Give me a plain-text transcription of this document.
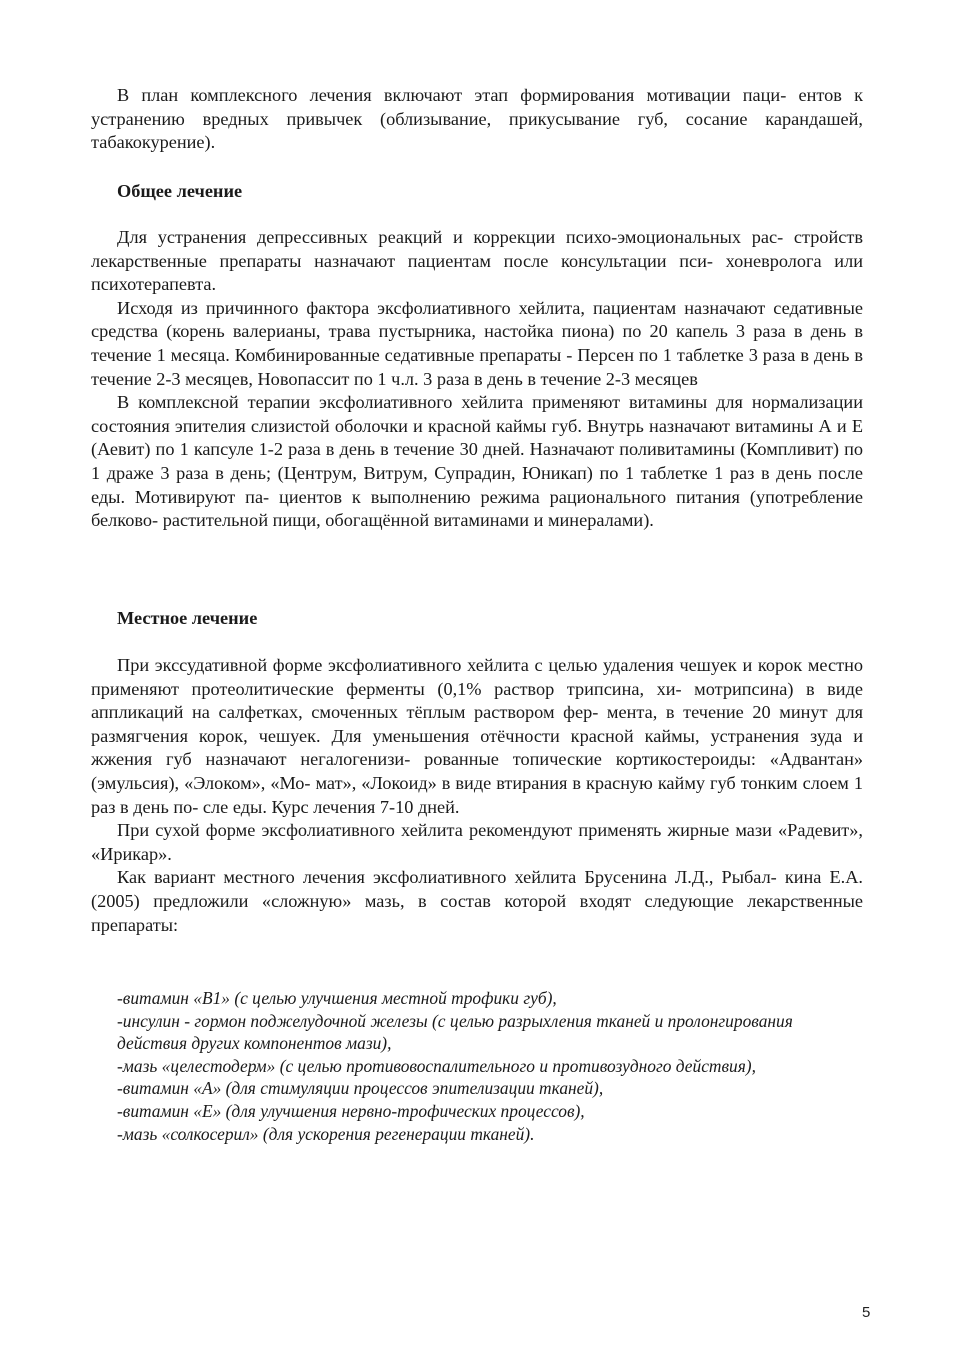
В план комплексного лечения включают этап формирования мотивации паци- ентов к устранению вредных привычек (облизывание, прикусывание губ, сосание карандашей, табакокурение).

Общее лечение

Для устранения депрессивных реакций и коррекции психо-эмоциональных рас- стройств лекарственные препараты назначают пациентам после консультации пси- хоневролога или психотерапевта.

Исходя из причинного фактора эксфолиативного хейлита, пациентам назначают седативные средства (корень валерианы, трава пустырника, настойка пиона) по 20 капель 3 раза в день в течение 1 месяца. Комбинированные седативные препараты - Персен по 1 таблетке 3 раза в день в течение 2-3 месяцев, Новопассит по 1 ч.л. 3 раза в день в течение 2-3 месяцев

В комплексной терапии эксфолиативного хейлита применяют витамины для нормализации состояния эпителия слизистой оболочки и красной каймы губ. Внутрь назначают витамины А и Е (Аевит) по 1 капсуле 1-2 раза в день в течение 30 дней. Назначают поливитамины (Компливит) по 1 драже 3 раза в день; (Центрум, Витрум, Супрадин, Юникап) по 1 таблетке 1 раз в день после еды. Мотивируют па- циентов к выполнению режима рационального питания (употребление белково- растительной пищи, обогащённой витаминами и минералами).

Местное лечение

При экссудативной форме эксфолиативного хейлита с целью удаления чешуек и корок местно применяют протеолитические ферменты (0,1% раствор трипсина, хи- мотрипсина) в виде аппликаций на салфетках, смоченных тёплым раствором фер- мента, в течение 20 минут для размягчения корок, чешуек. Для уменьшения отёчности красной каймы, устранения зуда и жжения губ назначают негалогенизи- рованные топические кортикостероиды: «Адвантан» (эмульсия), «Элоком», «Мо- мат», «Локоид» в виде втирания в красную кайму губ тонким слоем 1 раз в день по- сле еды. Курс лечения 7-10 дней.

При сухой форме эксфолиативного хейлита рекомендуют применять жирные мази «Радевит», «Ирикар».

Как вариант местного лечения эксфолиативного хейлита Брусенина Л.Д., Рыбал- кина Е.А. (2005) предложили «сложную» мазь, в состав которой входят следующие лекарственные препараты:

-витамин «В1» (с целью улучшения местной трофики губ),
-инсулин - гормон поджелудочной железы (с целью разрыхления тканей и пролонгирования действия других компонентов мази),
-мазь «целестодерм» (с целью противовоспалительного и противозудного действия),
-витамин «А» (для стимуляции процессов эпителизации тканей),
-витамин «Е» (для улучшения нервно-трофических процессов),
-мазь «солкосерил» (для ускорения регенерации тканей).
5
